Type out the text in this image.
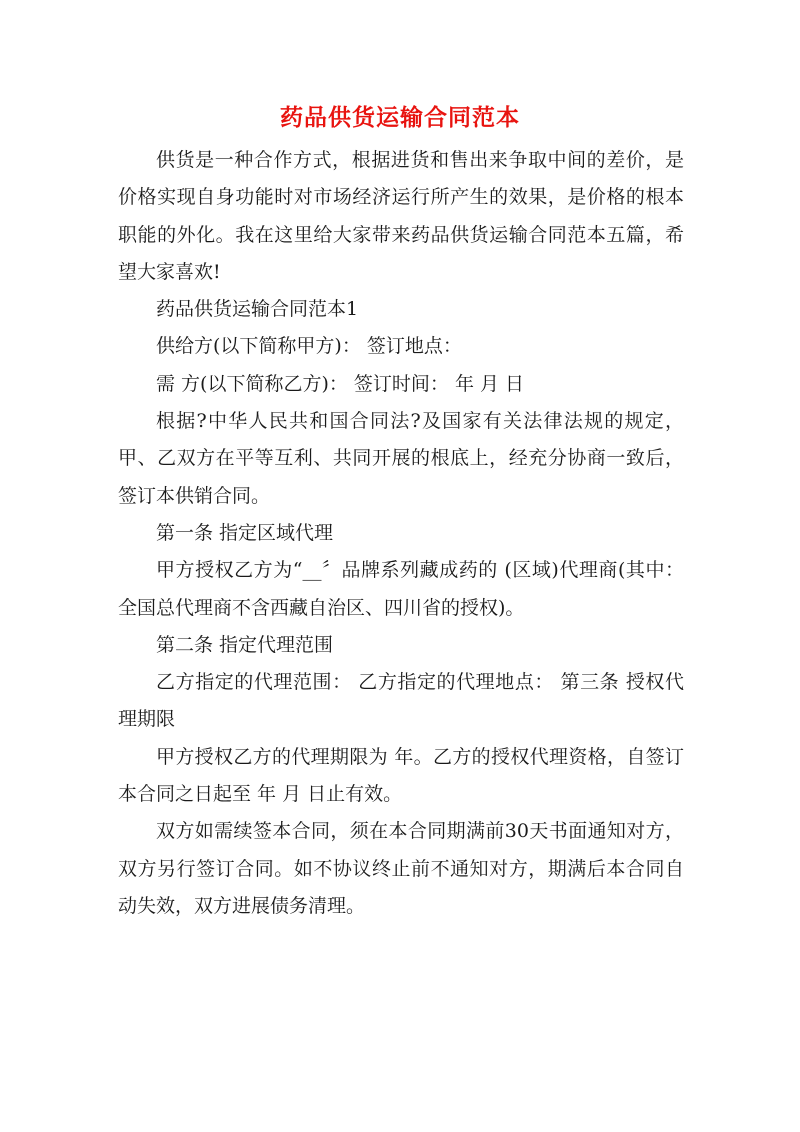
药品供货运输合同范本

供货是一种合作方式，根据进货和售出来争取中间的差价，是价格实现自身功能时对市场经济运行所产生的效果，是价格的根本职能的外化。我在这里给大家带来药品供货运输合同范本五篇，希望大家喜欢!

药品供货运输合同范本1

供给方(以下简称甲方)： 签订地点：

需 方(以下简称乙方)： 签订时间： 年 月 日

根据?中华人民共和国合同法?及国家有关法律法规的规定，甲、乙双方在平等互利、共同开展的根底上，经充分协商一致后，签订本供销合同。

第一条 指定区域代理

甲方授权乙方为“__〞品牌系列藏成药的 (区域)代理商(其中：全国总代理商不含西藏自治区、四川省的授权)。

第二条 指定代理范围

乙方指定的代理范围： 乙方指定的代理地点： 第三条 授权代理期限

甲方授权乙方的代理期限为 年。乙方的授权代理资格，自签订本合同之日起至 年 月 日止有效。

双方如需续签本合同，须在本合同期满前30天书面通知对方，双方另行签订合同。如不协议终止前不通知对方，期满后本合同自动失效，双方进展债务清理。
